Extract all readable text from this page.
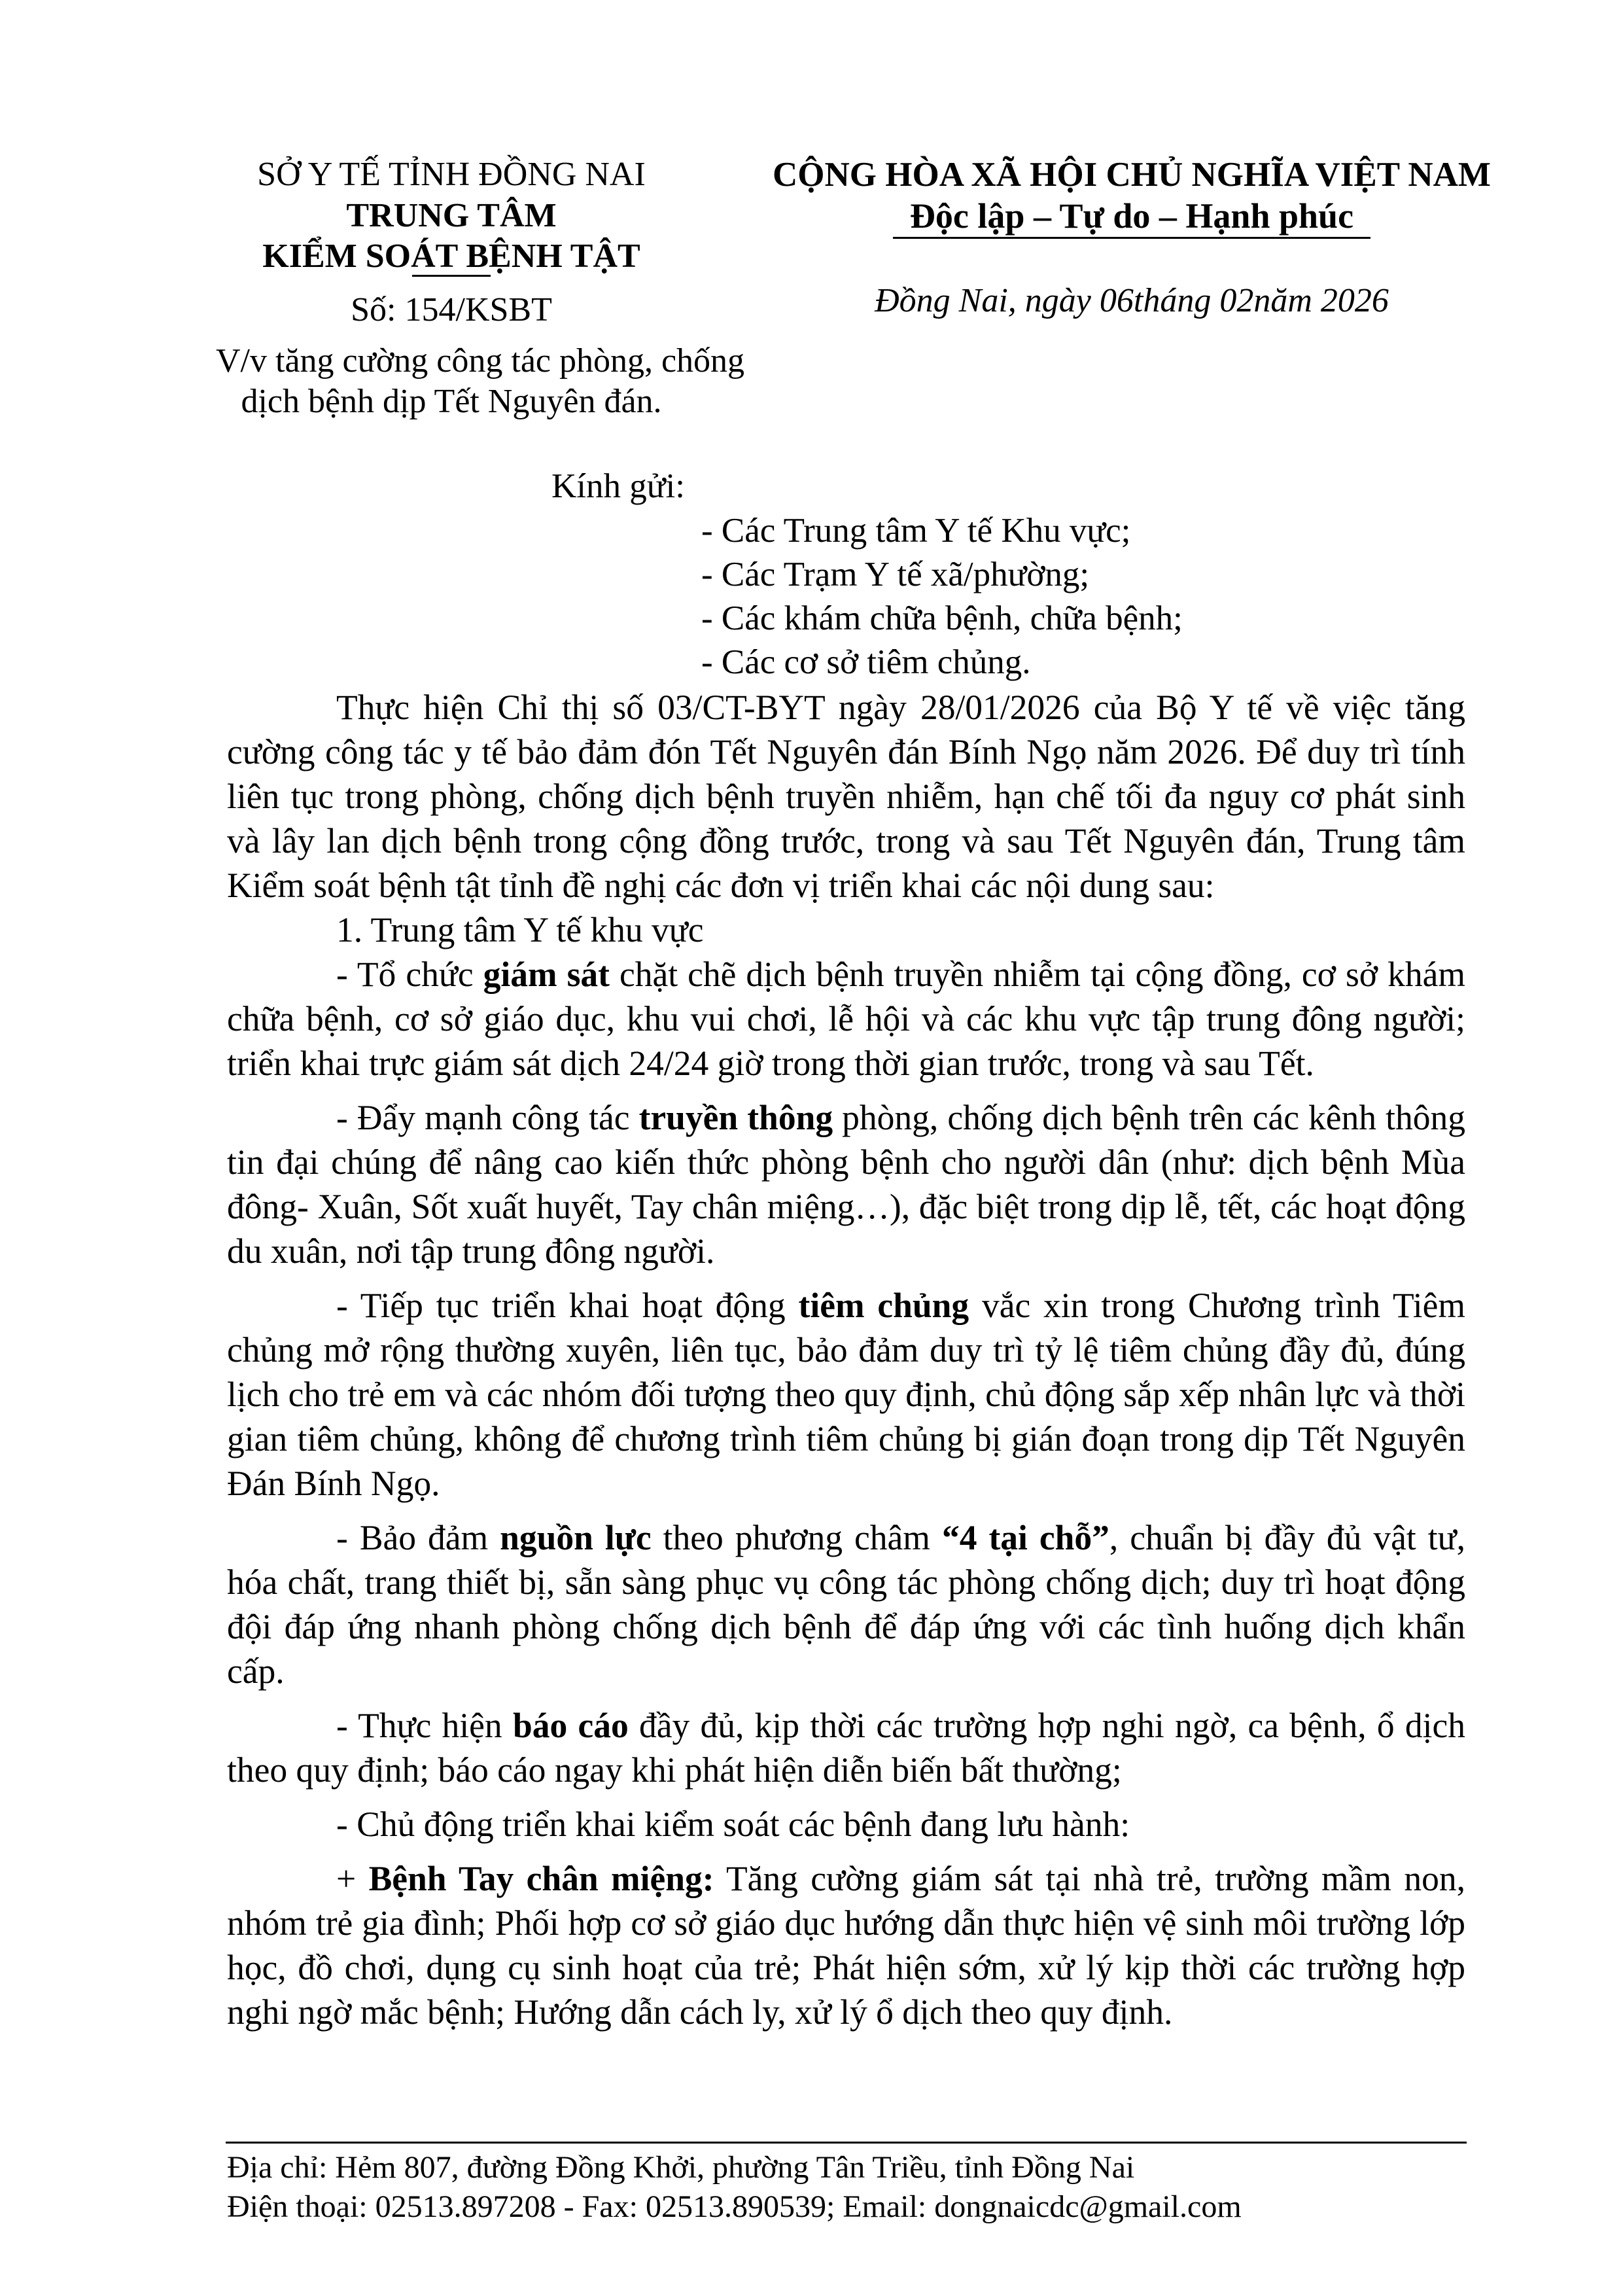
SỞ Y TẾ TỈNH ĐỒNG NAI
TRUNG TÂM
KIỂM SOÁT BỆNH TẬT
Số: 154/KSBT
V/v tăng cường công tác phòng, chống
dịch bệnh dịp Tết Nguyên đán.
CỘNG HÒA XÃ HỘI CHỦ NGHĨA VIỆT NAM
Độc lập – Tự do – Hạnh phúc
Đồng Nai, ngày 06tháng 02năm 2026
Kính gửi:
- Các Trung tâm Y tế Khu vực;
- Các Trạm Y tế xã/phường;
- Các khám chữa bệnh, chữa bệnh;
- Các cơ sở tiêm chủng.
Thực hiện Chỉ thị số 03/CT-BYT ngày 28/01/2026 của Bộ Y tế về việc tăng
cường công tác y tế bảo đảm đón Tết Nguyên đán Bính Ngọ năm 2026. Để duy trì tính
liên tục trong phòng, chống dịch bệnh truyền nhiễm, hạn chế tối đa nguy cơ phát sinh
và lây lan dịch bệnh trong cộng đồng trước, trong và sau Tết Nguyên đán, Trung tâm
Kiểm soát bệnh tật tỉnh đề nghị các đơn vị triển khai các nội dung sau:

1. Trung tâm Y tế khu vực

- Tổ chức giám sát chặt chẽ dịch bệnh truyền nhiễm tại cộng đồng, cơ sở khám chữa bệnh, cơ sở giáo dục, khu vui chơi, lễ hội và các khu vực tập trung đông người; triển khai trực giám sát dịch 24/24 giờ trong thời gian trước, trong và sau Tết.

- Đẩy mạnh công tác truyền thông phòng, chống dịch bệnh trên các kênh thông tin đại chúng để nâng cao kiến thức phòng bệnh cho người dân (như: dịch bệnh Mùa đông- Xuân, Sốt xuất huyết, Tay chân miệng…), đặc biệt trong dịp lễ, tết, các hoạt động du xuân, nơi tập trung đông người.

- Tiếp tục triển khai hoạt động tiêm chủng vắc xin trong Chương trình Tiêm chủng mở rộng thường xuyên, liên tục, bảo đảm duy trì tỷ lệ tiêm chủng đầy đủ, đúng lịch cho trẻ em và các nhóm đối tượng theo quy định, chủ động sắp xếp nhân lực và thời gian tiêm chủng, không để chương trình tiêm chủng bị gián đoạn trong dịp Tết Nguyên Đán Bính Ngọ.

- Bảo đảm nguồn lực theo phương châm “4 tại chỗ”, chuẩn bị đầy đủ vật tư, hóa chất, trang thiết bị, sẵn sàng phục vụ công tác phòng chống dịch; duy trì hoạt động đội đáp ứng nhanh phòng chống dịch bệnh để đáp ứng với các tình huống dịch khẩn cấp.

- Thực hiện báo cáo đầy đủ, kịp thời các trường hợp nghi ngờ, ca bệnh, ổ dịch theo quy định; báo cáo ngay khi phát hiện diễn biến bất thường;

- Chủ động triển khai kiểm soát các bệnh đang lưu hành:

+ Bệnh Tay chân miệng: Tăng cường giám sát tại nhà trẻ, trường mầm non, nhóm trẻ gia đình; Phối hợp cơ sở giáo dục hướng dẫn thực hiện vệ sinh môi trường lớp học, đồ chơi, dụng cụ sinh hoạt của trẻ; Phát hiện sớm, xử lý kịp thời các trường hợp nghi ngờ mắc bệnh; Hướng dẫn cách ly, xử lý ổ dịch theo quy định.

Địa chỉ: Hẻm 807, đường Đồng Khởi, phường Tân Triều, tỉnh Đồng Nai
Điện thoại: 02513.897208 - Fax: 02513.890539; Email: dongnaicdc@gmail.com
